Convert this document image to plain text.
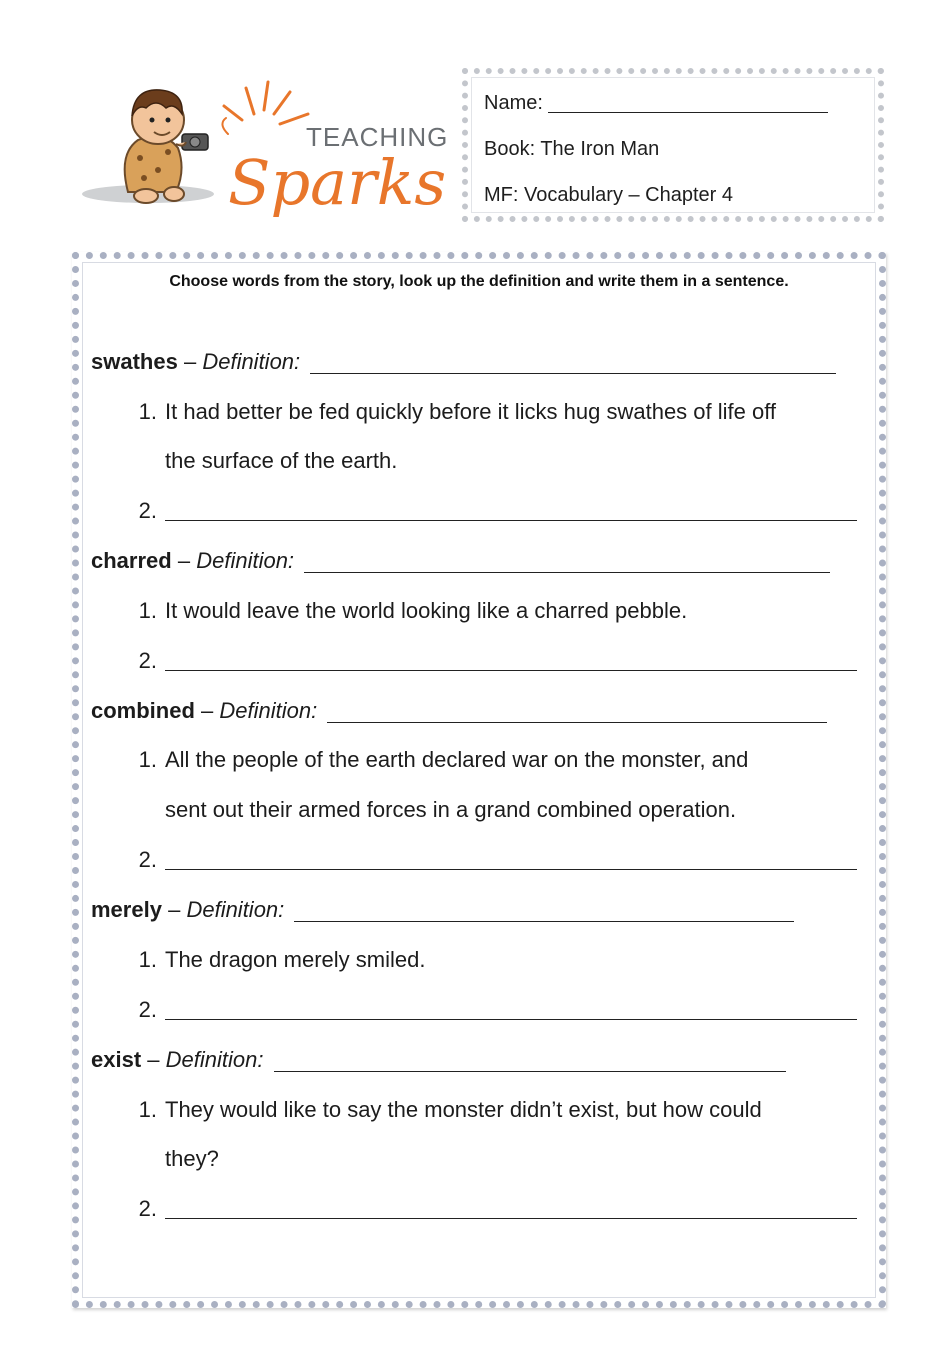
TEACHING
Sparks
Name:
Book: The Iron Man
MF: Vocabulary – Chapter 4
Choose words from the story, look up the definition and write them in a sentence.
swathes – Definition:
1. It had better be fed quickly before it licks hug swathes of life off
the surface of the earth.
2.
charred – Definition:
1. It would leave the world looking like a charred pebble.
2.
combined – Definition:
1. All the people of the earth declared war on the monster, and
sent out their armed forces in a grand combined operation.
2.
merely – Definition:
1. The dragon merely smiled.
2.
exist – Definition:
1. They would like to say the monster didn’t exist, but how could
they?
2.
